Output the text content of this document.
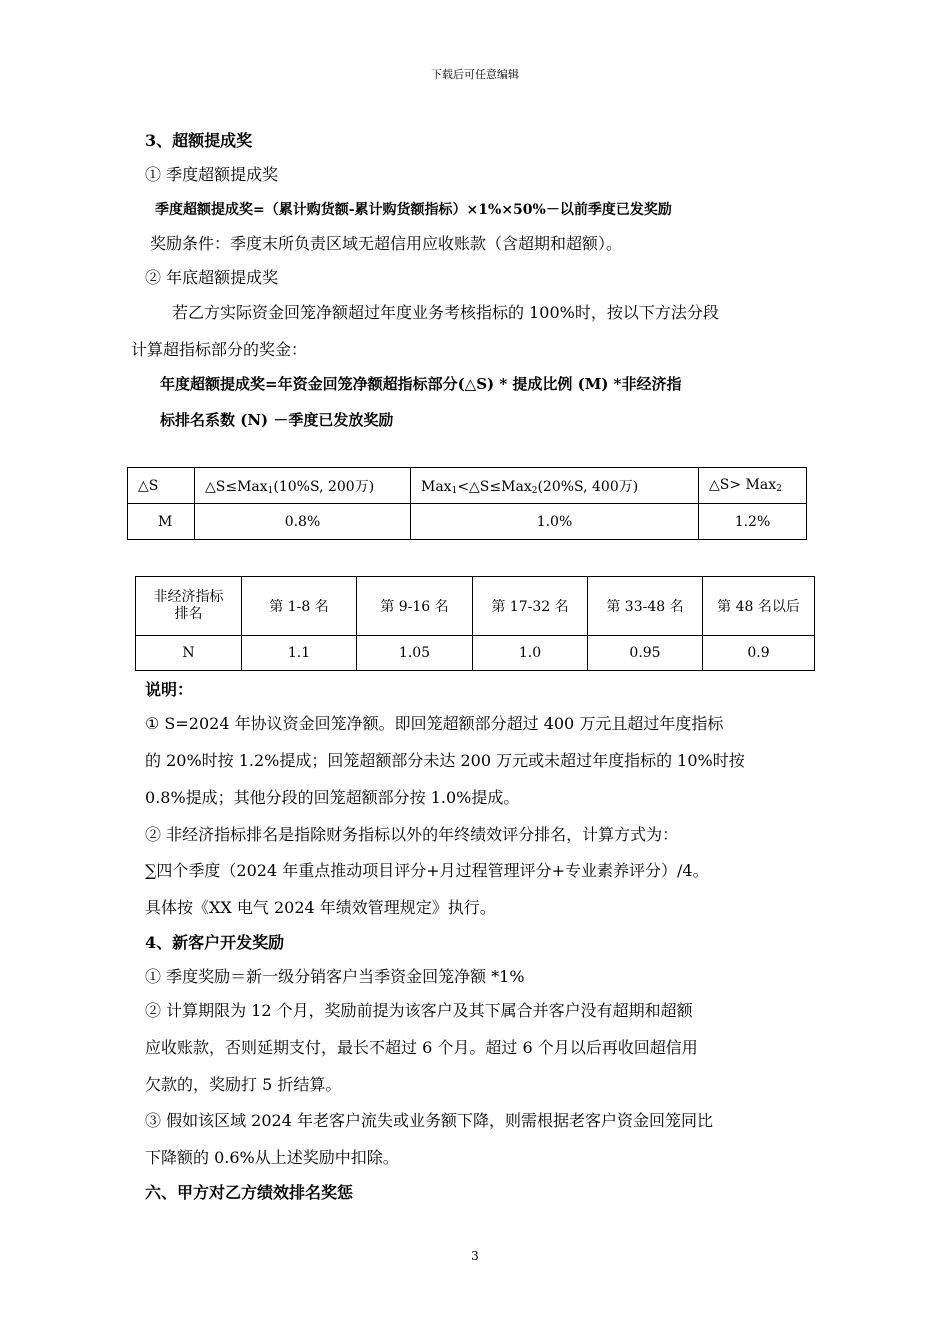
下载后可任意编辑
3、超额提成奖
① 季度超额提成奖
季度超额提成奖=（累计购货额-累计购货额指标）×1%×50%－以前季度已发奖励
奖励条件：季度末所负责区域无超信用应收账款（含超期和超额）。
② 年底超额提成奖
若乙方实际资金回笼净额超过年度业务考核指标的 100%时，按以下方法分段
计算超指标部分的奖金：
年度超额提成奖=年资金回笼净额超指标部分(△S) * 提成比例 (M) *非经济指
标排名系数 (N) －季度已发放奖励
△S	△S≤Max$_1$(10%S, 200万)	Max$_1$<△S≤Max$_2$(20%S, 400万)	△S> Max$_2$
M	0.8%	1.0%	1.2%
非经济指标
排名	第 1-8 名	第 9-16 名	第 17-32 名	第 33-48 名	第 48 名以后
N	1.1	1.05	1.0	0.95	0.9
说明：
① S=2024 年协议资金回笼净额。即回笼超额部分超过 400 万元且超过年度指标
的 20%时按 1.2%提成；回笼超额部分未达 200 万元或未超过年度指标的 10%时按
0.8%提成；其他分段的回笼超额部分按 1.0%提成。
② 非经济指标排名是指除财务指标以外的年终绩效评分排名，计算方式为：
∑四个季度（2024 年重点推动项目评分+月过程管理评分+专业素养评分）/4。
具体按《XX 电气 2024 年绩效管理规定》执行。
4、新客户开发奖励
① 季度奖励＝新一级分销客户当季资金回笼净额 *1%
② 计算期限为 12 个月，奖励前提为该客户及其下属合并客户没有超期和超额
应收账款，否则延期支付，最长不超过 6 个月。超过 6 个月以后再收回超信用
欠款的，奖励打 5 折结算。
③ 假如该区域 2024 年老客户流失或业务额下降，则需根据老客户资金回笼同比
下降额的 0.6%从上述奖励中扣除。
六、甲方对乙方绩效排名奖惩
3
